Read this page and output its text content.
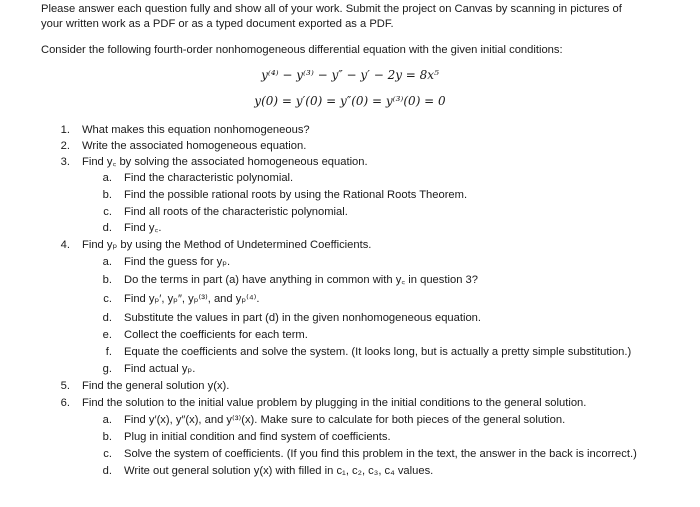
Please answer each question fully and show all of your work. Submit the project on Canvas by scanning in pictures of
your written work as a PDF or as a typed document exported as a PDF.
Consider the following fourth-order nonhomogeneous differential equation with the given initial conditions:
y⁽⁴⁾ − y⁽³⁾ − y″ − y′ − 2y = 8x⁵
y(0) = y′(0) = y″(0) = y⁽³⁾(0) = 0
1. What makes this equation nonhomogeneous?
2. Write the associated homogeneous equation.
3. Find y꜀ by solving the associated homogeneous equation.
a. Find the characteristic polynomial.
b. Find the possible rational roots by using the Rational Roots Theorem.
c. Find all roots of the characteristic polynomial.
d. Find y꜀.
4. Find yₚ by using the Method of Undetermined Coefficients.
a. Find the guess for yₚ.
b. Do the terms in part (a) have anything in common with y꜀ in question 3?
c. Find yₚ′, yₚ″, yₚ⁽³⁾, and yₚ⁽⁴⁾.
d. Substitute the values in part (d) in the given nonhomogeneous equation.
e. Collect the coefficients for each term.
f. Equate the coefficients and solve the system. (It looks long, but is actually a pretty simple substitution.)
g. Find actual yₚ.
5. Find the general solution y(x).
6. Find the solution to the initial value problem by plugging in the initial conditions to the general solution.
a. Find y′(x), y″(x), and y⁽³⁾(x). Make sure to calculate for both pieces of the general solution.
b. Plug in initial condition and find system of coefficients.
c. Solve the system of coefficients. (If you find this problem in the text, the answer in the back is incorrect.)
d. Write out general solution y(x) with filled in c₁, c₂, c₃, c₄ values.
